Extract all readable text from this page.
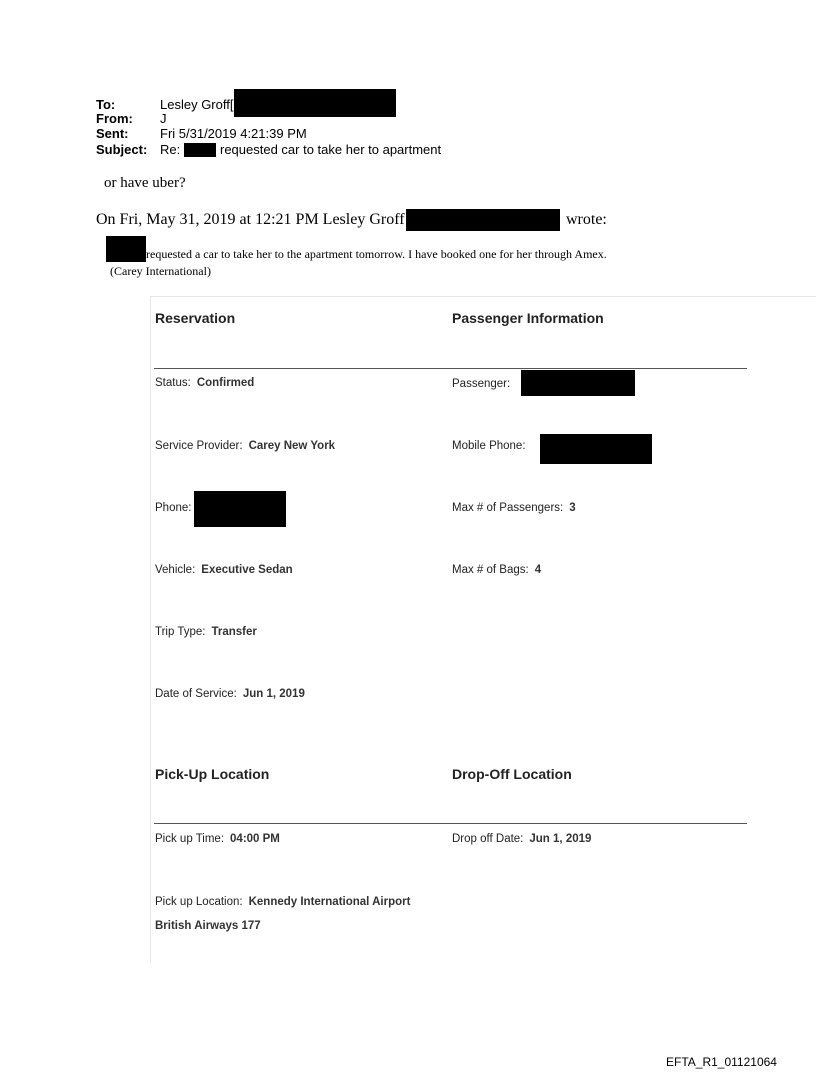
To:	Lesley Groff[
From: J
Sent: Fri 5/31/2019 4:21:39 PM
Subject: Re:	requested car to take her to apartment
or have uber?
On Fri, May 31, 2019 at 12:21 PM Lesley Groff	wrote:
requested a car to take her to the apartment tomorrow. I have booked one for her through Amex.
(Carey International)
Reservation	Passenger Information
Status: Confirmed	Passenger:
Service Provider: Carey New York	Mobile Phone:
Phone:	Max # of Passengers: 3
Vehicle: Executive Sedan	Max # of Bags: 4
Trip Type: Transfer
Date of Service: Jun 1, 2019
Pick-Up Location	Drop-Off Location
Pick up Time: 04:00 PM	Drop off Date: Jun 1, 2019
Pick up Location: Kennedy International Airport
British Airways 177
EFTA_R1_01121064
